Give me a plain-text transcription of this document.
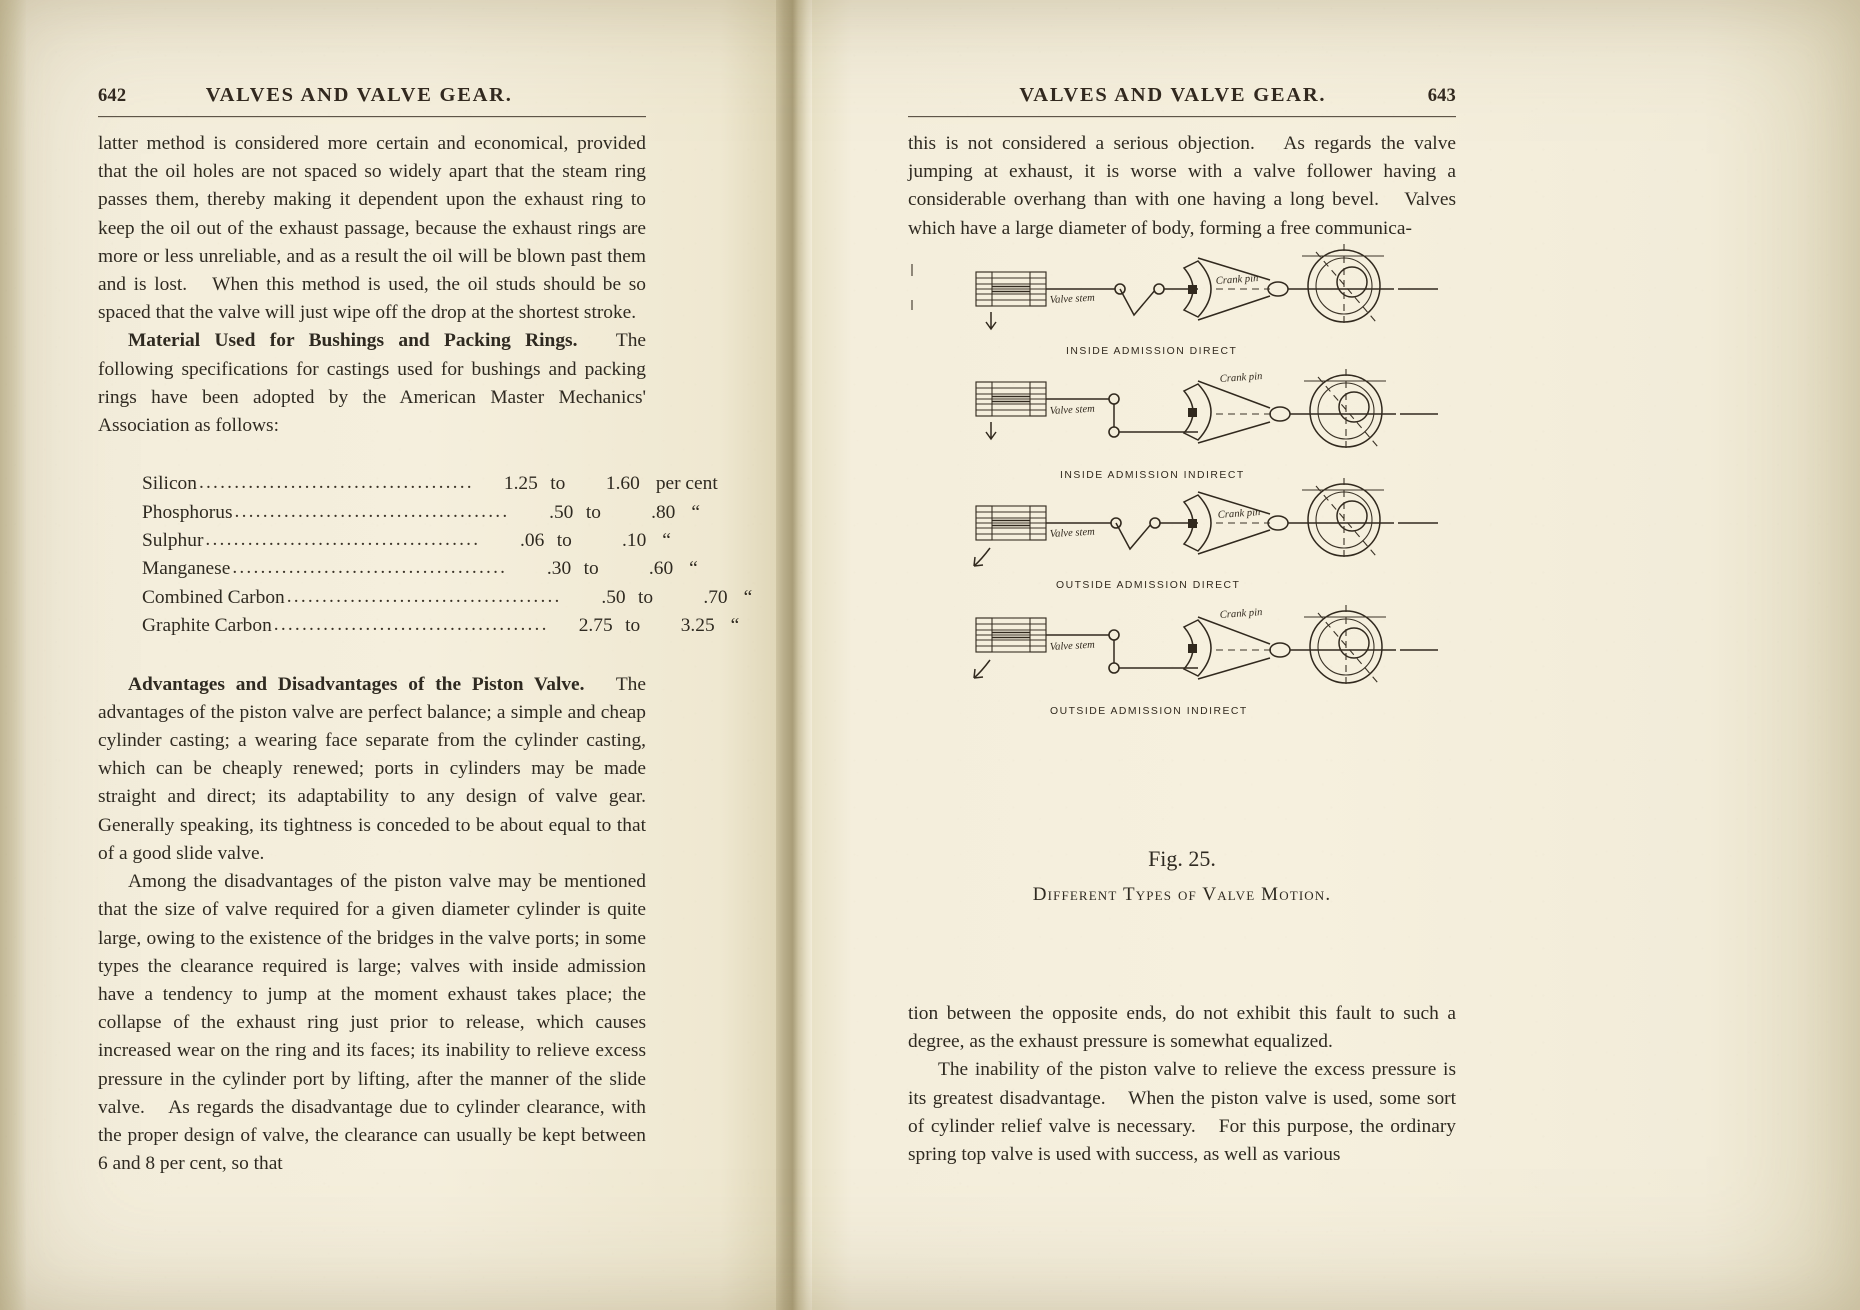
642	VALVES AND VALVE GEAR.

latter method is considered more certain and economical, provided that the oil holes are not spaced so widely apart that the steam ring passes them, thereby making it dependent upon the exhaust ring to keep the oil out of the exhaust passage, because the exhaust rings are more or less unreliable, and as a result the oil will be blown past them and is lost.　When this method is used, the oil studs should be so spaced that the valve will just wipe off the drop at the shortest stroke.

Material Used for Bushings and Packing Rings.　The following specifications for castings used for bushings and packing rings have been adopted by the American Master Mechanics' Association as follows:

Silicon .......................................	1.25 to	1.60 per cent
Phosphorus .......................................	.50 to	.80 “
Sulphur .......................................	.06 to	.10 “
Manganese .......................................	.30 to	.60 “
Combined Carbon .......................................	.50 to	.70 “
Graphite Carbon .......................................	2.75 to	3.25 “

Advantages and Disadvantages of the Piston Valve.　The advantages of the piston valve are perfect balance; a simple and cheap cylinder casting; a wearing face separate from the cylinder casting, which can be cheaply renewed; ports in cylinders may be made straight and direct; its adaptability to any design of valve gear.　Generally speaking, its tightness is conceded to be about equal to that of a good slide valve.

Among the disadvantages of the piston valve may be mentioned that the size of valve required for a given diameter cylinder is quite large, owing to the existence of the bridges in the valve ports; in some types the clearance required is large; valves with inside admission have a tendency to jump at the moment exhaust takes place; the collapse of the exhaust ring just prior to release, which causes increased wear on the ring and its faces; its inability to relieve excess pressure in the cylinder port by lifting, after the manner of the slide valve.　As regards the disadvantage due to cylinder clearance, with the proper design of valve, the clearance can usually be kept between 6 and 8 per cent, so that

VALVES AND VALVE GEAR.	643

this is not considered a serious objection.　As regards the valve jumping at exhaust, it is worse with a valve follower having a considerable overhang than with one having a long bevel.　Valves which have a large diameter of body, forming a free communica-

Valve stem
Crank pin
INSIDE ADMISSION DIRECT
Valve stem
Crank pin
INSIDE ADMISSION INDIRECT
Valve stem
Crank pin
OUTSIDE ADMISSION DIRECT
Valve stem
Crank pin
OUTSIDE ADMISSION INDIRECT
Fig. 25.
Different Types of Valve Motion.

tion between the opposite ends, do not exhibit this fault to such a degree, as the exhaust pressure is somewhat equalized.

The inability of the piston valve to relieve the excess pressure is its greatest disadvantage.　When the piston valve is used, some sort of cylinder relief valve is necessary.　For this purpose, the ordinary spring top valve is used with success, as well as various
